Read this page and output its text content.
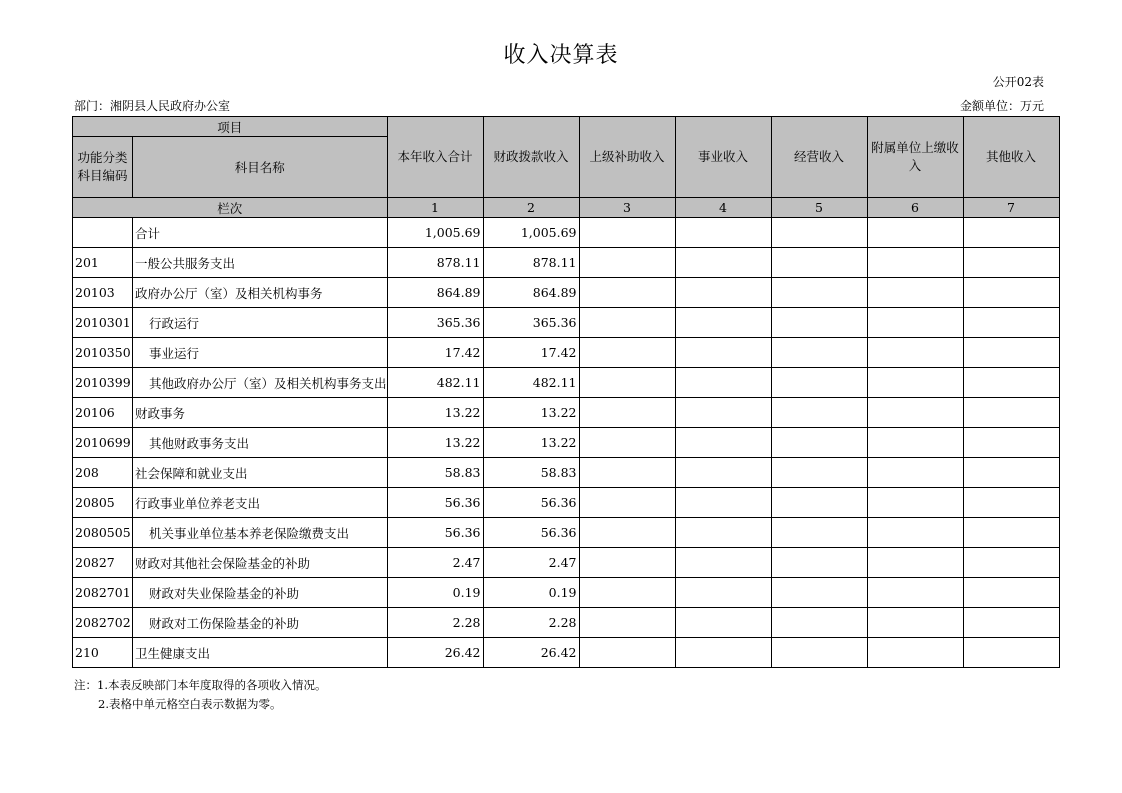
收入决算表
公开02表
部门：湘阴县人民政府办公室	金额单位：万元
项目		本年收入合计	财政拨款收入	上级补助收入	事业收入	经营收入	附属单位上缴收入	其他收入
功能分类科目编码	科目名称							
栏次		1	2	3	4	5	6	7
	合计	1,005.69	1,005.69					
201	一般公共服务支出	878.11	878.11					
20103	政府办公厅（室）及相关机构事务	864.89	864.89					
2010301	行政运行	365.36	365.36					
2010350	事业运行	17.42	17.42					
2010399	其他政府办公厅（室）及相关机构事务支出	482.11	482.11					
20106	财政事务	13.22	13.22					
2010699	其他财政事务支出	13.22	13.22					
208	社会保障和就业支出	58.83	58.83					
20805	行政事业单位养老支出	56.36	56.36					
2080505	机关事业单位基本养老保险缴费支出	56.36	56.36					
20827	财政对其他社会保险基金的补助	2.47	2.47					
2082701	财政对失业保险基金的补助	0.19	0.19					
2082702	财政对工伤保险基金的补助	2.28	2.28					
210	卫生健康支出	26.42	26.42					
注：1.本表反映部门本年度取得的各项收入情况。
2.表格中单元格空白表示数据为零。
